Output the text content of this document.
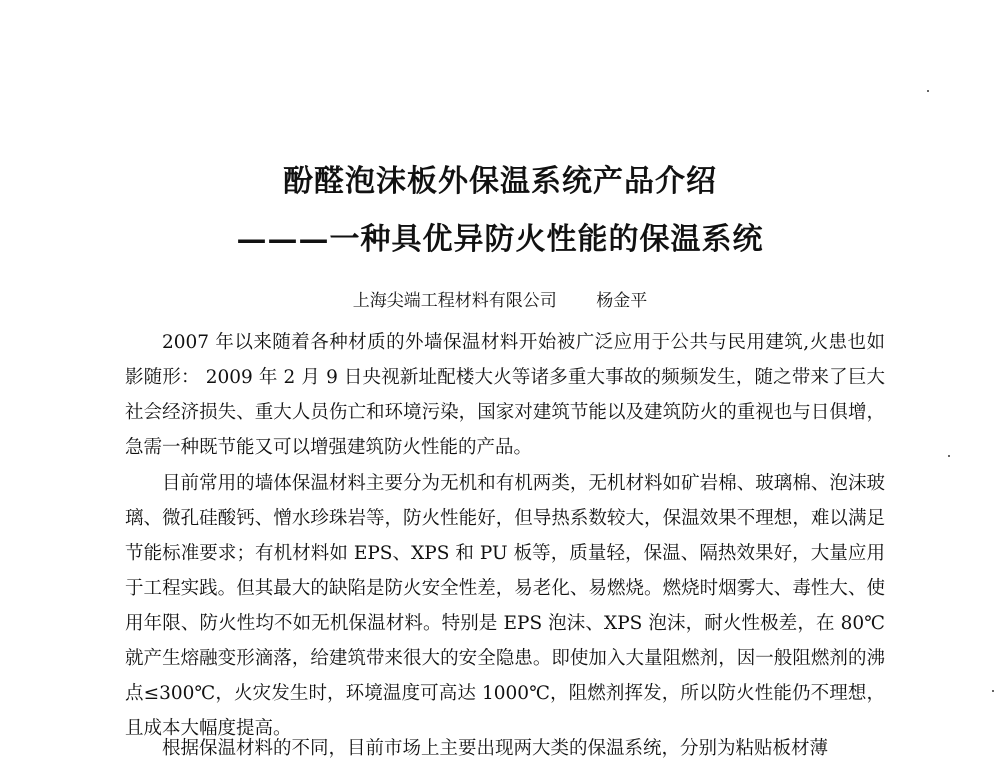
酚醛泡沫板外保温系统产品介绍
———一种具优异防火性能的保温系统
上海尖端工程材料有限公司 杨金平

2007 年以来随着各种材质的外墙保温材料开始被广泛应用于公共与民用建筑,火患也如影随形： 2009 年 2 月 9 日央视新址配楼大火等诸多重大事故的频频发生，随之带来了巨大社会经济损失、重大人员伤亡和环境污染，国家对建筑节能以及建筑防火的重视也与日俱增，急需一种既节能又可以增强建筑防火性能的产品。

目前常用的墙体保温材料主要分为无机和有机两类，无机材料如矿岩棉、玻璃棉、泡沫玻璃、微孔硅酸钙、憎水珍珠岩等，防火性能好，但导热系数较大，保温效果不理想，难以满足节能标准要求；有机材料如 EPS、XPS 和 PU 板等，质量轻，保温、隔热效果好，大量应用于工程实践。但其最大的缺陷是防火安全性差，易老化、易燃烧。燃烧时烟雾大、毒性大、使用年限、防火性均不如无机保温材料。特别是 EPS 泡沫、XPS 泡沫，耐火性极差，在 80℃就产生熔融变形滴落，给建筑带来很大的安全隐患。即使加入大量阻燃剂，因一般阻燃剂的沸点≤300℃，火灾发生时，环境温度可高达 1000℃，阻燃剂挥发，所以防火性能仍不理想，且成本大幅度提高。

根据保温材料的不同，目前市场上主要出现两大类的保温系统，分别为粘贴板材薄
